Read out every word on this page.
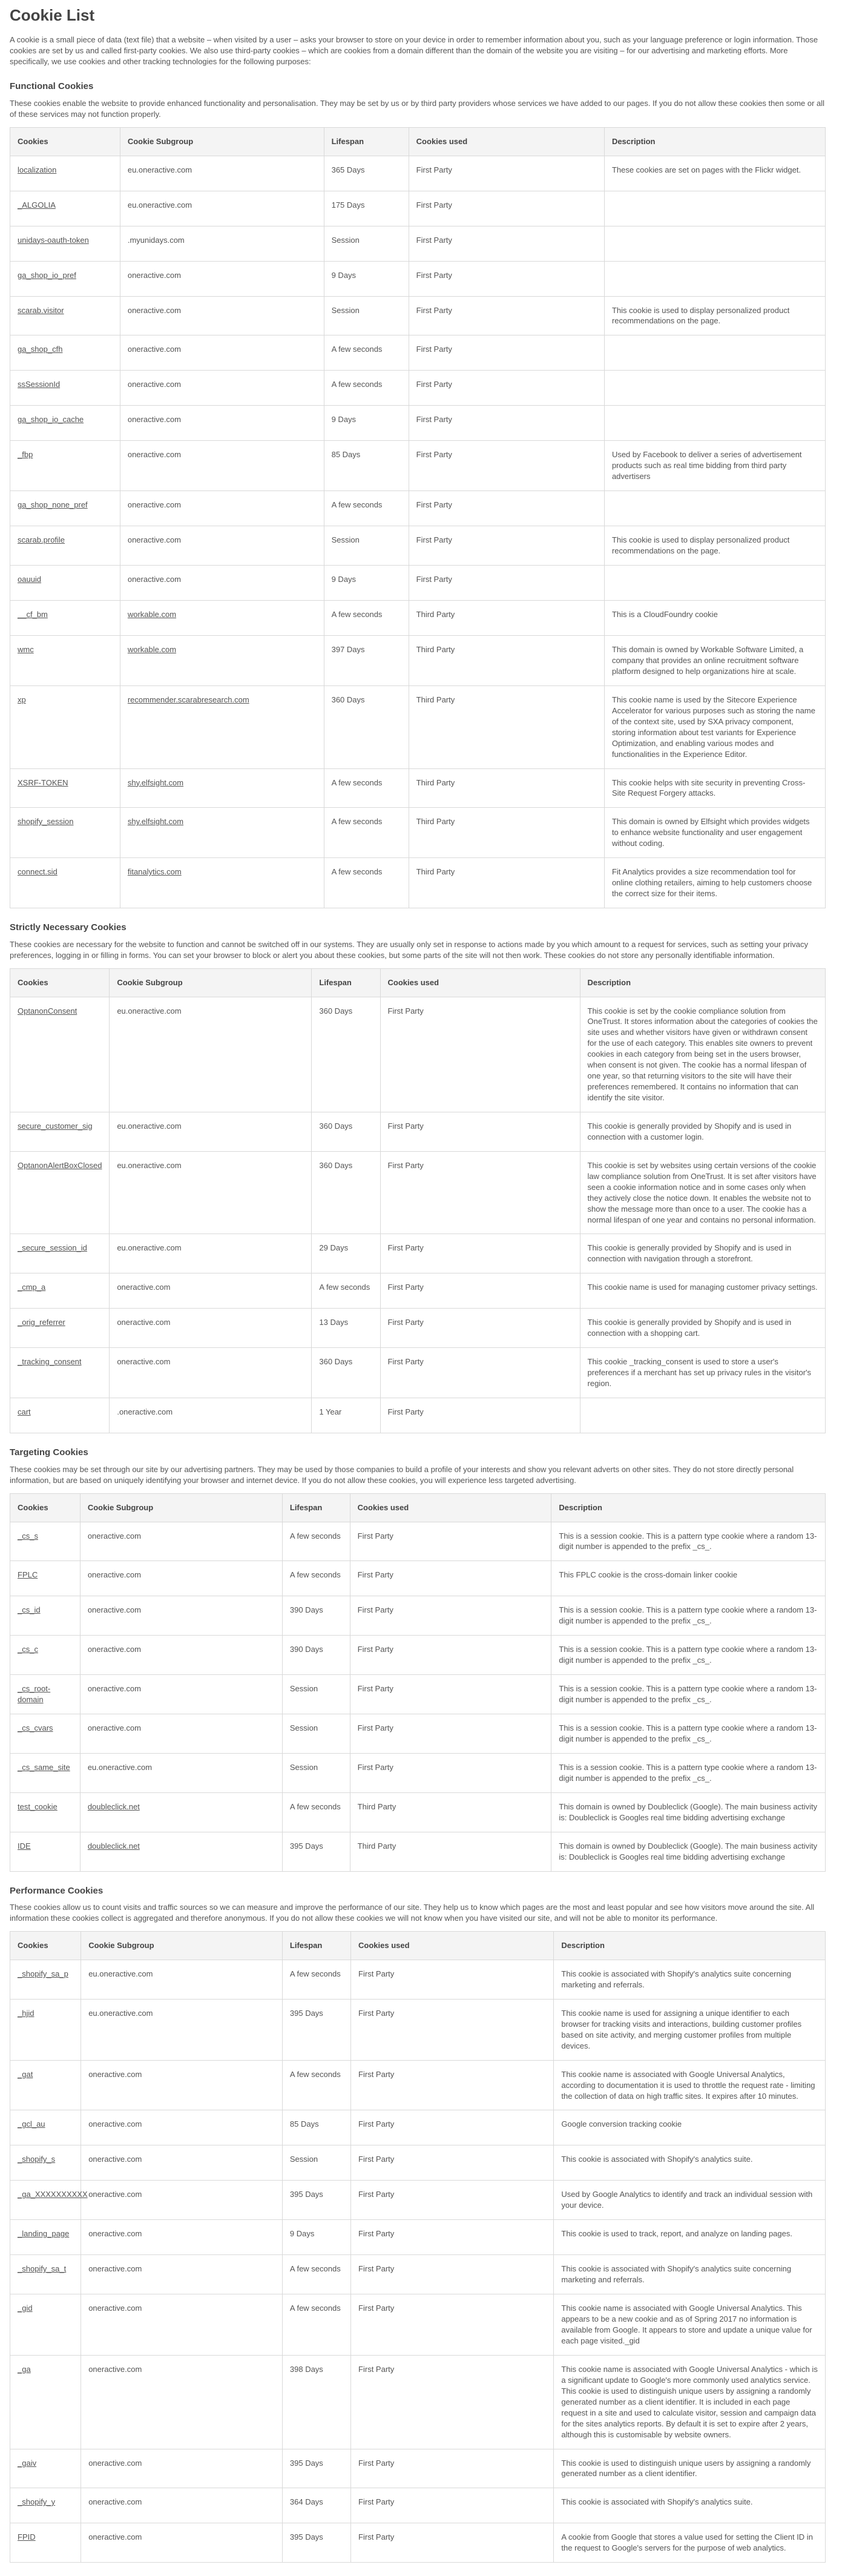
Cookie List

A cookie is a small piece of data (text file) that a website – when visited by a user – asks your browser to store on your device in order to remember information about you, such as your language preference or login information. Those cookies are set by us and called first-party cookies. We also use third-party cookies – which are cookies from a domain different than the domain of the website you are visiting – for our advertising and marketing efforts. More specifically, we use cookies and other tracking technologies for the following purposes:

Functional Cookies

These cookies enable the website to provide enhanced functionality and personalisation. They may be set by us or by third party providers whose services we have added to our pages. If you do not allow these cookies then some or all of these services may not function properly.

Cookies	Cookie Subgroup	Lifespan	Cookies used	Description
localization	eu.oneractive.com	365 Days	First Party	These cookies are set on pages with the Flickr widget.
_ALGOLIA	eu.oneractive.com	175 Days	First Party	
unidays-oauth-token	.myunidays.com	Session	First Party	
ga_shop_io_pref	oneractive.com	9 Days	First Party	
scarab.visitor	oneractive.com	Session	First Party	This cookie is used to display personalized product recommendations on the page.
ga_shop_cfh	oneractive.com	A few seconds	First Party	
ssSessionId	oneractive.com	A few seconds	First Party	
ga_shop_io_cache	oneractive.com	9 Days	First Party	
_fbp	oneractive.com	85 Days	First Party	Used by Facebook to deliver a series of advertisement products such as real time bidding from third party advertisers
ga_shop_none_pref	oneractive.com	A few seconds	First Party	
scarab.profile	oneractive.com	Session	First Party	This cookie is used to display personalized product recommendations on the page.
oauuid	oneractive.com	9 Days	First Party	
__cf_bm	workable.com	A few seconds	Third Party	This is a CloudFoundry cookie
wmc	workable.com	397 Days	Third Party	This domain is owned by Workable Software Limited, a company that provides an online recruitment software platform designed to help organizations hire at scale.
xp	recommender.scarabresearch.com	360 Days	Third Party	This cookie name is used by the Sitecore Experience Accelerator for various purposes such as storing the name of the context site, used by SXA privacy component, storing information about test variants for Experience Optimization, and enabling various modes and functionalities in the Experience Editor.
XSRF-TOKEN	shy.elfsight.com	A few seconds	Third Party	This cookie helps with site security in preventing Cross-Site Request Forgery attacks.
shopify_session	shy.elfsight.com	A few seconds	Third Party	This domain is owned by Elfsight which provides widgets to enhance website functionality and user engagement without coding.
connect.sid	fitanalytics.com	A few seconds	Third Party	Fit Analytics provides a size recommendation tool for online clothing retailers, aiming to help customers choose the correct size for their items.
Strictly Necessary Cookies

These cookies are necessary for the website to function and cannot be switched off in our systems. They are usually only set in response to actions made by you which amount to a request for services, such as setting your privacy preferences, logging in or filling in forms. You can set your browser to block or alert you about these cookies, but some parts of the site will not then work. These cookies do not store any personally identifiable information.

Cookies	Cookie Subgroup	Lifespan	Cookies used	Description
OptanonConsent	eu.oneractive.com	360 Days	First Party	This cookie is set by the cookie compliance solution from OneTrust. It stores information about the categories of cookies the site uses and whether visitors have given or withdrawn consent for the use of each category. This enables site owners to prevent cookies in each category from being set in the users browser, when consent is not given. The cookie has a normal lifespan of one year, so that returning visitors to the site will have their preferences remembered. It contains no information that can identify the site visitor.
secure_customer_sig	eu.oneractive.com	360 Days	First Party	This cookie is generally provided by Shopify and is used in connection with a customer login.
OptanonAlertBoxClosed	eu.oneractive.com	360 Days	First Party	This cookie is set by websites using certain versions of the cookie law compliance solution from OneTrust. It is set after visitors have seen a cookie information notice and in some cases only when they actively close the notice down. It enables the website not to show the message more than once to a user. The cookie has a normal lifespan of one year and contains no personal information.
_secure_session_id	eu.oneractive.com	29 Days	First Party	This cookie is generally provided by Shopify and is used in connection with navigation through a storefront.
_cmp_a	oneractive.com	A few seconds	First Party	This cookie name is used for managing customer privacy settings.
_orig_referrer	oneractive.com	13 Days	First Party	This cookie is generally provided by Shopify and is used in connection with a shopping cart.
_tracking_consent	oneractive.com	360 Days	First Party	This cookie _tracking_consent is used to store a user's preferences if a merchant has set up privacy rules in the visitor's region.
cart	.oneractive.com	1 Year	First Party	
Targeting Cookies

These cookies may be set through our site by our advertising partners. They may be used by those companies to build a profile of your interests and show you relevant adverts on other sites. They do not store directly personal information, but are based on uniquely identifying your browser and internet device. If you do not allow these cookies, you will experience less targeted advertising.

Cookies	Cookie Subgroup	Lifespan	Cookies used	Description
_cs_s	oneractive.com	A few seconds	First Party	This is a session cookie. This is a pattern type cookie where a random 13-digit number is appended to the prefix _cs_.
FPLC	oneractive.com	A few seconds	First Party	This FPLC cookie is the cross-domain linker cookie
_cs_id	oneractive.com	390 Days	First Party	This is a session cookie. This is a pattern type cookie where a random 13-digit number is appended to the prefix _cs_.
_cs_c	oneractive.com	390 Days	First Party	This is a session cookie. This is a pattern type cookie where a random 13-digit number is appended to the prefix _cs_.
_cs_root-domain	oneractive.com	Session	First Party	This is a session cookie. This is a pattern type cookie where a random 13-digit number is appended to the prefix _cs_.
_cs_cvars	oneractive.com	Session	First Party	This is a session cookie. This is a pattern type cookie where a random 13-digit number is appended to the prefix _cs_.
_cs_same_site	eu.oneractive.com	Session	First Party	This is a session cookie. This is a pattern type cookie where a random 13-digit number is appended to the prefix _cs_.
test_cookie	doubleclick.net	A few seconds	Third Party	This domain is owned by Doubleclick (Google). The main business activity is: Doubleclick is Googles real time bidding advertising exchange
IDE	doubleclick.net	395 Days	Third Party	This domain is owned by Doubleclick (Google). The main business activity is: Doubleclick is Googles real time bidding advertising exchange
Performance Cookies

These cookies allow us to count visits and traffic sources so we can measure and improve the performance of our site. They help us to know which pages are the most and least popular and see how visitors move around the site. All information these cookies collect is aggregated and therefore anonymous. If you do not allow these cookies we will not know when you have visited our site, and will not be able to monitor its performance.

Cookies	Cookie Subgroup	Lifespan	Cookies used	Description
_shopify_sa_p	eu.oneractive.com	A few seconds	First Party	This cookie is associated with Shopify's analytics suite concerning marketing and referrals.
_hjid	eu.oneractive.com	395 Days	First Party	This cookie name is used for assigning a unique identifier to each browser for tracking visits and interactions, building customer profiles based on site activity, and merging customer profiles from multiple devices.
_gat	oneractive.com	A few seconds	First Party	This cookie name is associated with Google Universal Analytics, according to documentation it is used to throttle the request rate - limiting the collection of data on high traffic sites. It expires after 10 minutes.
_gcl_au	oneractive.com	85 Days	First Party	Google conversion tracking cookie
_shopify_s	oneractive.com	Session	First Party	This cookie is associated with Shopify's analytics suite.
_ga_XXXXXXXXXX	oneractive.com	395 Days	First Party	Used by Google Analytics to identify and track an individual session with your device.
_landing_page	oneractive.com	9 Days	First Party	This cookie is used to track, report, and analyze on landing pages.
_shopify_sa_t	oneractive.com	A few seconds	First Party	This cookie is associated with Shopify's analytics suite concerning marketing and referrals.
_gid	oneractive.com	A few seconds	First Party	This cookie name is associated with Google Universal Analytics. This appears to be a new cookie and as of Spring 2017 no information is available from Google. It appears to store and update a unique value for each page visited._gid
_ga	oneractive.com	398 Days	First Party	This cookie name is associated with Google Universal Analytics - which is a significant update to Google's more commonly used analytics service. This cookie is used to distinguish unique users by assigning a randomly generated number as a client identifier. It is included in each page request in a site and used to calculate visitor, session and campaign data for the sites analytics reports. By default it is set to expire after 2 years, although this is customisable by website owners.
_gaiv	oneractive.com	395 Days	First Party	This cookie is used to distinguish unique users by assigning a randomly generated number as a client identifier.
_shopify_y	oneractive.com	364 Days	First Party	This cookie is associated with Shopify's analytics suite.
FPID	oneractive.com	395 Days	First Party	A cookie from Google that stores a value used for setting the Client ID in the request to Google's servers for the purpose of web analytics.
